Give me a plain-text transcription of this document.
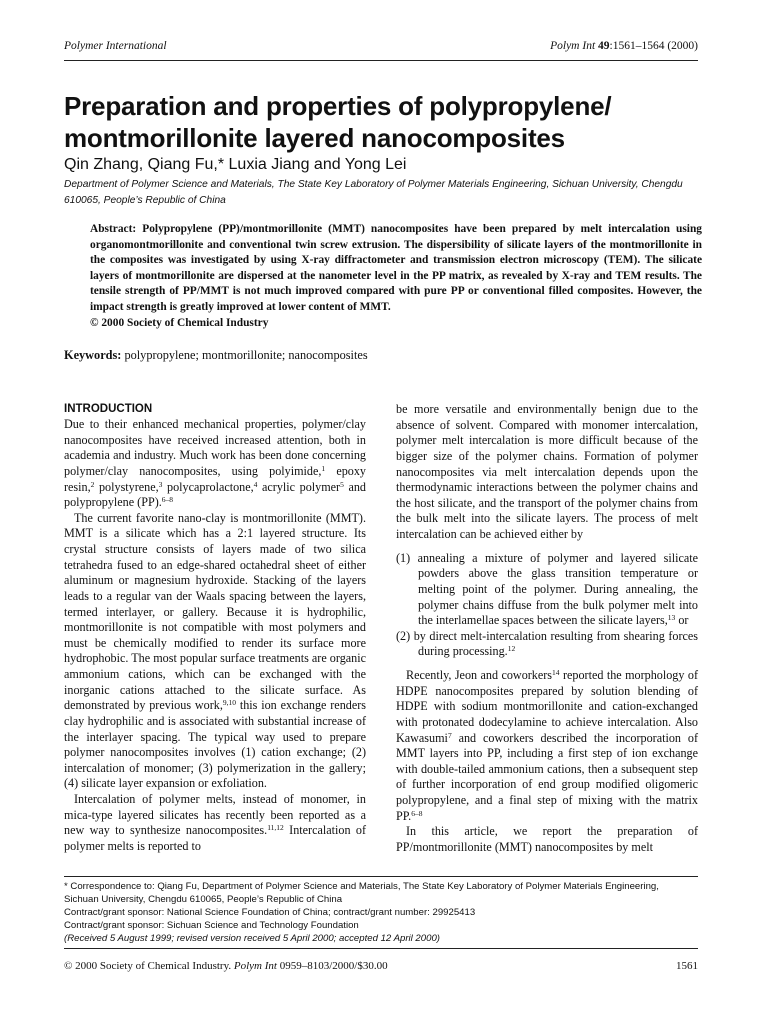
Polymer International	Polym Int 49:1561–1564 (2000)
Preparation and properties of polypropylene/
montmorillonite layered nanocomposites
Qin Zhang, Qiang Fu,* Luxia Jiang and Yong Lei
Department of Polymer Science and Materials, The State Key Laboratory of Polymer Materials Engineering, Sichuan University, Chengdu
610065, People’s Republic of China

Abstract: Polypropylene (PP)/montmorillonite (MMT) nanocomposites have been prepared by melt intercalation using organomontmorillonite and conventional twin screw extrusion. The dispersibility of silicate layers of the montmorillonite in the composites was investigated by using X-ray diffractometer and transmission electron microscopy (TEM). The silicate layers of montmorillonite are dispersed at the nanometer level in the PP matrix, as revealed by X-ray and TEM results. The tensile strength of PP/MMT is not much improved compared with pure PP or conventional filled composites. However, the impact strength is greatly improved at lower content of MMT.
© 2000 Society of Chemical Industry

Keywords: polypropylene; montmorillonite; nanocomposites
INTRODUCTION

Due to their enhanced mechanical properties, polymer/clay nanocomposites have received increased attention, both in academia and industry. Much work has been done concerning polymer/clay nanocomposites, using polyimide,$^1$ epoxy resin,$^2$ polystyrene,$^3$ polycaprolactone,$^4$ acrylic polymer$^5$ and polypropylene (PP).$^{6-8}$

The current favorite nano-clay is montmorillonite (MMT). MMT is a silicate which has a 2:1 layered structure. Its crystal structure consists of layers made of two silica tetrahedra fused to an edge-shared octahedral sheet of either aluminum or magnesium hydroxide. Stacking of the layers leads to a regular van der Waals spacing between the layers, termed interlayer, or gallery. Because it is hydrophilic, montmorillonite is not compatible with most polymers and must be chemically modified to render its surface more hydrophobic. The most popular surface treatments are organic ammonium cations, which can be exchanged with the inorganic cations attached to the silicate surface. As demonstrated by previous work,$^{9,10}$ this ion exchange renders clay hydrophilic and is associated with substantial increase of the interlayer spacing. The typical way used to prepare polymer nanocomposites involves (1) cation exchange; (2) intercalation of monomer; (3) polymerization in the gallery; (4) silicate layer expansion or exfoliation.

Intercalation of polymer melts, instead of monomer, in mica-type layered silicates has recently been reported as a new way to synthesize nanocomposites.$^{11,12}$ Intercalation of polymer melts is reported to

be more versatile and environmentally benign due to the absence of solvent. Compared with monomer intercalation, polymer melt intercalation is more difficult because of the bigger size of the polymer chains. Formation of polymer nanocomposites via melt intercalation depends upon the thermodynamic interactions between the polymer chains and the host silicate, and the transport of the polymer chains from the bulk melt into the silicate layers. The process of melt intercalation can be achieved either by

(1) annealing a mixture of polymer and layered silicate powders above the glass transition temperature or melting point of the polymer. During annealing, the polymer chains diffuse from the bulk polymer melt into the interlamellae spaces between the silicate layers,$^{13}$ or

(2) by direct melt-intercalation resulting from shearing forces during processing.$^{12}$

Recently, Jeon and coworkers$^{14}$ reported the morphology of HDPE nanocomposites prepared by solution blending of HDPE with sodium montmorillonite and cation-exchanged with protonated dodecylamine to achieve intercalation. Also Kawasumi$^7$ and coworkers described the incorporation of MMT layers into PP, including a first step of ion exchange with double-tailed ammonium cations, then a subsequent step of further incorporation of end group modified oligomeric polypropylene, and a final step of mixing with the matrix PP.$^{6-8}$

In this article, we report the preparation of PP/montmorillonite (MMT) nanocomposites by melt

* Correspondence to: Qiang Fu, Department of Polymer Science and Materials, The State Key Laboratory of Polymer Materials Engineering,
Sichuan University, Chengdu 610065, People’s Republic of China
Contract/grant sponsor: National Science Foundation of China; contract/grant number: 29925413
Contract/grant sponsor: Sichuan Science and Technology Foundation
(Received 5 August 1999; revised version received 5 April 2000; accepted 12 April 2000)
© 2000 Society of Chemical Industry. Polym Int 0959–8103/2000/$30.00	1561
